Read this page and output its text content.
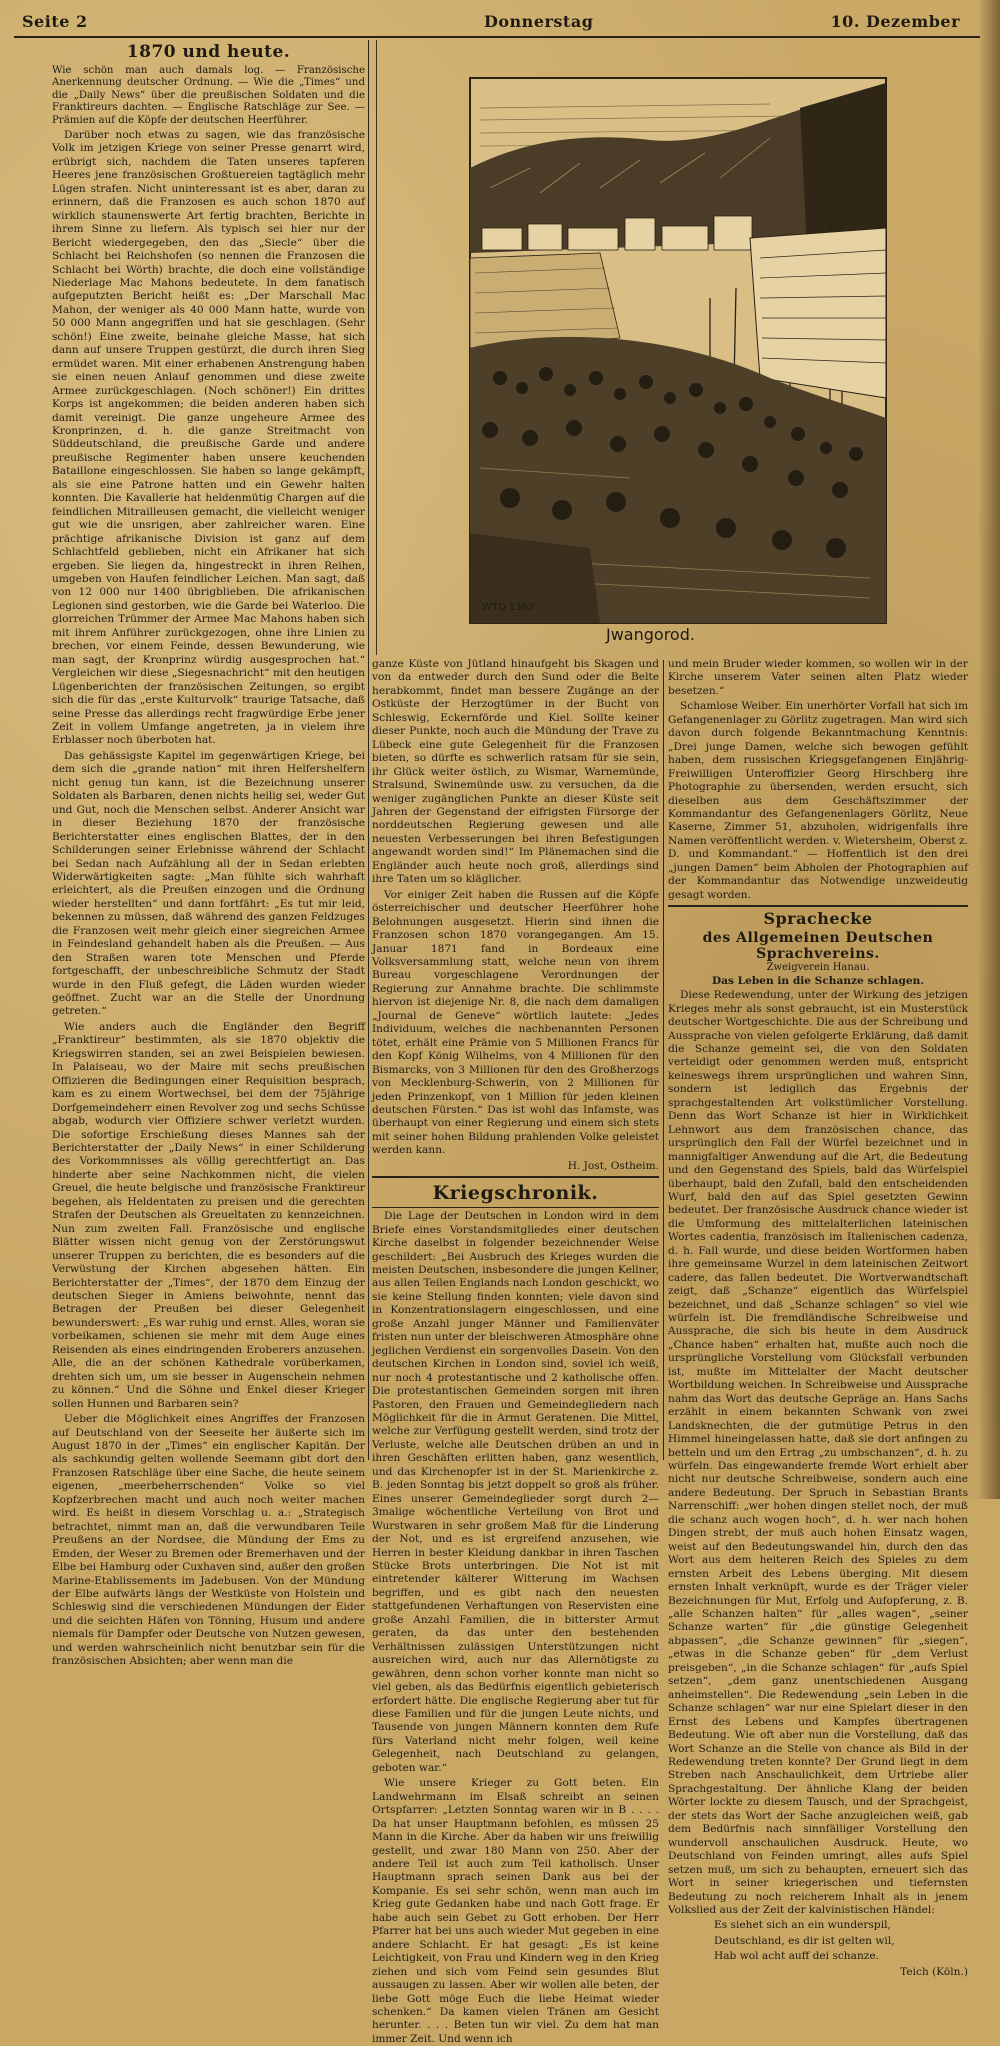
Seite 2	Donnerstag	10. Dezember
1870 und heute.

Wie schön man auch damals log. — Französische Anerkennung deutscher Ordnung. — Wie die „Times“ und die „Daily News“ über die preußischen Soldaten und die Franktireurs dachten. — Englische Ratschläge zur See. — Prämien auf die Köpfe der deutschen Heerführer.

Darüber noch etwas zu sagen, wie das französische Volk im jetzigen Kriege von seiner Presse genarrt wird, erübrigt sich, nachdem die Taten unseres tapferen Heeres jene französischen Großtuereien tagtäglich mehr Lügen strafen. Nicht uninteressant ist es aber, daran zu erinnern, daß die Franzosen es auch schon 1870 auf wirklich staunenswerte Art fertig brachten, Berichte in ihrem Sinne zu liefern. Als typisch sei hier nur der Bericht wiedergegeben, den das „Siecle“ über die Schlacht bei Reichshofen (so nennen die Franzosen die Schlacht bei Wörth) brachte, die doch eine vollständige Niederlage Mac Mahons bedeutete. In dem fanatisch aufgeputzten Bericht heißt es: „Der Marschall Mac Mahon, der weniger als 40 000 Mann hatte, wurde von 50 000 Mann angegriffen und hat sie geschlagen. (Sehr schön!) Eine zweite, beinahe gleiche Masse, hat sich dann auf unsere Truppen gestürzt, die durch ihren Sieg ermüdet waren. Mit einer erhabenen Anstrengung haben sie einen neuen Anlauf genommen und diese zweite Armee zurückgeschlagen. (Noch schöner!) Ein drittes Korps ist angekommen; die beiden anderen haben sich damit vereinigt. Die ganze ungeheure Armee des Kronprinzen, d. h. die ganze Streitmacht von Süddeutschland, die preußische Garde und andere preußische Regimenter haben unsere keuchenden Bataillone eingeschlossen. Sie haben so lange gekämpft, als sie eine Patrone hatten und ein Gewehr halten konnten. Die Kavallerie hat heldenmütig Chargen auf die feindlichen Mitrailleusen gemacht, die vielleicht weniger gut wie die unsrigen, aber zahlreicher waren. Eine prächtige afrikanische Division ist ganz auf dem Schlachtfeld geblieben, nicht ein Afrikaner hat sich ergeben. Sie liegen da, hingestreckt in ihren Reihen, umgeben von Haufen feindlicher Leichen. Man sagt, daß von 12 000 nur 1400 übrigblieben. Die afrikanischen Legionen sind gestorben, wie die Garde bei Waterloo. Die glorreichen Trümmer der Armee Mac Mahons haben sich mit ihrem Anführer zurückgezogen, ohne ihre Linien zu brechen, vor einem Feinde, dessen Bewunderung, wie man sagt, der Kronprinz würdig ausgesprochen hat.“ Vergleichen wir diese „Siegesnachricht“ mit den heutigen Lügenberichten der französischen Zeitungen, so ergibt sich die für das „erste Kulturvolk“ traurige Tatsache, daß seine Presse das allerdings recht fragwürdige Erbe jener Zeit in vollem Umfange angetreten, ja in vielem ihre Erblasser noch überboten hat.

Das gehässigste Kapitel im gegenwärtigen Kriege, bei dem sich die „grande nation“ mit ihren Helfershelfern nicht genug tun kann, ist die Bezeichnung unserer Soldaten als Barbaren, denen nichts heilig sei, weder Gut und Gut, noch die Menschen selbst. Anderer Ansicht war in dieser Beziehung 1870 der französische Berichterstatter eines englischen Blattes, der in den Schilderungen seiner Erlebnisse während der Schlacht bei Sedan nach Aufzählung all der in Sedan erlebten Widerwärtigkeiten sagte: „Man fühlte sich wahrhaft erleichtert, als die Preußen einzogen und die Ordnung wieder herstellten“ und dann fortfährt: „Es tut mir leid, bekennen zu müssen, daß während des ganzen Feldzuges die Franzosen weit mehr gleich einer siegreichen Armee in Feindesland gehandelt haben als die Preußen. — Aus den Straßen waren tote Menschen und Pferde fortgeschafft, der unbeschreibliche Schmutz der Stadt wurde in den Fluß gefegt, die Läden wurden wieder geöffnet. Zucht war an die Stelle der Unordnung getreten.“

Wie anders auch die Engländer den Begriff „Franktireur“ bestimmten, als sie 1870 objektiv die Kriegswirren standen, sei an zwei Beispielen bewiesen. In Palaiseau, wo der Maire mit sechs preußischen Offizieren die Bedingungen einer Requisition besprach, kam es zu einem Wortwechsel, bei dem der 75jährige Dorfgemeindeherr einen Revolver zog und sechs Schüsse abgab, wodurch vier Offiziere schwer verletzt wurden. Die sofortige Erschießung dieses Mannes sah der Berichterstatter der „Daily News“ in einer Schilderung des Vorkommnisses als völlig gerechtfertigt an. Das hinderte aber seine Nachkommen nicht, die vielen Greuel, die heute belgische und französische Franktireur begehen, als Heldentaten zu preisen und die gerechten Strafen der Deutschen als Greueltaten zu kennzeichnen. Nun zum zweiten Fall. Französische und englische Blätter wissen nicht genug von der Zerstörungswut unserer Truppen zu berichten, die es besonders auf die Verwüstung der Kirchen abgesehen hätten. Ein Berichterstatter der „Times“, der 1870 dem Einzug der deutschen Sieger in Amiens beiwohnte, nennt das Betragen der Preußen bei dieser Gelegenheit bewunderswert: „Es war ruhig und ernst. Alles, woran sie vorbeikamen, schienen sie mehr mit dem Auge eines Reisenden als eines eindringenden Eroberers anzusehen. Alle, die an der schönen Kathedrale vorüberkamen, drehten sich um, um sie besser in Augenschein nehmen zu können.“ Und die Söhne und Enkel dieser Krieger sollen Hunnen und Barbaren sein?

Ueber die Möglichkeit eines Angriffes der Franzosen auf Deutschland von der Seeseite her äußerte sich im August 1870 in der „Times“ ein englischer Kapitän. Der als sachkundig gelten wollende Seemann gibt dort den Franzosen Ratschläge über eine Sache, die heute seinem eigenen, „meerbeherrschenden“ Volke so viel Kopfzerbrechen macht und auch noch weiter machen wird. Es heißt in diesem Vorschlag u. a.: „Strategisch betrachtet, nimmt man an, daß die verwundbaren Teile Preußens an der Nordsee, die Mündung der Ems zu Emden, der Weser zu Bremen oder Bremerhaven und der Elbe bei Hamburg oder Cuxhaven sind, außer den großen Marine-Etablissements im Jadebusen. Von der Mündung der Elbe aufwärts längs der Westküste von Holstein und Schleswig sind die verschiedenen Mündungen der Eider und die seichten Häfen von Tönning, Husum und andere niemals für Dampfer oder Deutsche von Nutzen gewesen, und werden wahrscheinlich nicht benutzbar sein für die französischen Absichten; aber wenn man die

WTD 1362
Jwangorod.

ganze Küste von Jütland hinaufgeht bis Skagen und von da entweder durch den Sund oder die Belte herabkommt, findet man bessere Zugänge an der Ostküste der Herzogtümer in der Bucht von Schleswig, Eckernförde und Kiel. Sollte keiner dieser Punkte, noch auch die Mündung der Trave zu Lübeck eine gute Gelegenheit für die Franzosen bieten, so dürfte es schwerlich ratsam für sie sein, ihr Glück weiter östlich, zu Wismar, Warnemünde, Stralsund, Swinemünde usw. zu versuchen, da die weniger zugänglichen Punkte an dieser Küste seit Jahren der Gegenstand der eifrigsten Fürsorge der norddeutschen Regierung gewesen und alle neuesten Verbesserungen bei ihren Befestigungen angewandt worden sind!“ Im Plänemachen sind die Engländer auch heute noch groß, allerdings sind ihre Taten um so kläglicher.

Vor einiger Zeit haben die Russen auf die Köpfe österreichischer und deutscher Heerführer hohe Belohnungen ausgesetzt. Hierin sind ihnen die Franzosen schon 1870 vorangegangen. Am 15. Januar 1871 fand in Bordeaux eine Volksversammlung statt, welche neun von ihrem Bureau vorgeschlagene Verordnungen der Regierung zur Annahme brachte. Die schlimmste hiervon ist diejenige Nr. 8, die nach dem damaligen „Journal de Geneve“ wörtlich lautete: „Jedes Individuum, welches die nachbenannten Personen tötet, erhält eine Prämie von 5 Millionen Francs für den Kopf König Wilhelms, von 4 Millionen für den Bismarcks, von 3 Millionen für den des Großherzogs von Mecklenburg-Schwerin, von 2 Millionen für jeden Prinzenkopf, von 1 Million für jeden kleinen deutschen Fürsten.“ Das ist wohl das Infamste, was überhaupt von einer Regierung und einem sich stets mit seiner hohen Bildung prahlenden Volke geleistet werden kann.

H. Jost, Ostheim.

Kriegschronik.

Die Lage der Deutschen in London wird in dem Briefe eines Vorstandsmitgliedes einer deutschen Kirche daselbst in folgender bezeichnender Weise geschildert: „Bei Ausbruch des Krieges wurden die meisten Deutschen, insbesondere die jungen Kellner, aus allen Teilen Englands nach London geschickt, wo sie keine Stellung finden konnten; viele davon sind in Konzentrationslagern eingeschlossen, und eine große Anzahl junger Männer und Familienväter fristen nun unter der bleischweren Atmosphäre ohne jeglichen Verdienst ein sorgenvolles Dasein. Von den deutschen Kirchen in London sind, soviel ich weiß, nur noch 4 protestantische und 2 katholische offen. Die protestantischen Gemeinden sorgen mit ihren Pastoren, den Frauen und Gemeindegliedern nach Möglichkeit für die in Armut Geratenen. Die Mittel, welche zur Verfügung gestellt werden, sind trotz der Verluste, welche alle Deutschen drüben an und in ihren Geschäften erlitten haben, ganz wesentlich, und das Kirchenopfer ist in der St. Marienkirche z. B. jeden Sonntag bis jetzt doppelt so groß als früher. Eines unserer Gemeindeglieder sorgt durch 2—3malige wöchentliche Verteilung von Brot und Wurstwaren in sehr großem Maß für die Linderung der Not, und es ist ergreifend anzusehen, wie Herren in bester Kleidung dankbar in ihren Taschen Stücke Brots unterbringen. Die Not ist mit eintretender kälterer Witterung im Wachsen begriffen, und es gibt nach den neuesten stattgefundenen Verhaftungen von Reservisten eine große Anzahl Familien, die in bitterster Armut geraten, da das unter den bestehenden Verhältnissen zulässigen Unterstützungen nicht ausreichen wird, auch nur das Allernötigste zu gewähren, denn schon vorher konnte man nicht so viel geben, als das Bedürfnis eigentlich gebieterisch erfordert hätte. Die englische Regierung aber tut für diese Familien und für die jungen Leute nichts, und Tausende von jungen Männern konnten dem Rufe fürs Vaterland nicht mehr folgen, weil keine Gelegenheit, nach Deutschland zu gelangen, geboten war.“

Wie unsere Krieger zu Gott beten. Ein Landwehrmann im Elsaß schreibt an seinen Ortspfarrer: „Letzten Sonntag waren wir in B . . . . Da hat unser Hauptmann befohlen, es müssen 25 Mann in die Kirche. Aber da haben wir uns freiwillig gestellt, und zwar 180 Mann von 250. Aber der andere Teil ist auch zum Teil katholisch. Unser Hauptmann sprach seinen Dank aus bei der Kompanie. Es sei sehr schön, wenn man auch im Krieg gute Gedanken habe und nach Gott frage. Er habe auch sein Gebet zu Gott erhoben. Der Herr Pfarrer hat bei uns auch wieder Mut gegeben in eine andere Schlacht. Er hat gesagt: „Es ist keine Leichtigkeit, von Frau und Kindern weg in den Krieg ziehen und sich vom Feind sein gesundes Blut aussaugen zu lassen. Aber wir wollen alle beten, der liebe Gott möge Euch die liebe Heimat wieder schenken.“ Da kamen vielen Tränen am Gesicht herunter. . . . Beten tun wir viel. Zu dem hat man immer Zeit. Und wenn ich

und mein Bruder wieder kommen, so wollen wir in der Kirche unserem Vater seinen alten Platz wieder besetzen.“

Schamlose Weiber. Ein unerhörter Vorfall hat sich im Gefangenenlager zu Görlitz zugetragen. Man wird sich davon durch folgende Bekanntmachung Kenntnis: „Drei junge Damen, welche sich bewogen gefühlt haben, dem russischen Kriegsgefangenen Einjährig-Freiwilligen Unteroffizier Georg Hirschberg ihre Photographie zu übersenden, werden ersucht, sich dieselben aus dem Geschäftszimmer der Kommandantur des Gefangenenlagers Görlitz, Neue Kaserne, Zimmer 51, abzuholen, widrigenfalls ihre Namen veröffentlicht werden. v. Wietersheim, Oberst z. D. und Kommandant.“ — Hoffentlich ist den drei „jungen Damen“ beim Abholen der Photographien auf der Kommandantur das Notwendige unzweideutig gesagt worden.

Sprachecke
des Allgemeinen Deutschen Sprachvereins.
Zweigverein Hanau.
Das Leben in die Schanze schlagen.

Diese Redewendung, unter der Wirkung des jetzigen Krieges mehr als sonst gebraucht, ist ein Musterstück deutscher Wortgeschichte. Die aus der Schreibung und Aussprache von vielen gefolgerte Erklärung, daß damit die Schanze gemeint sei, die von den Soldaten verteidigt oder genommen werden muß, entspricht keineswegs ihrem ursprünglichen und wahren Sinn, sondern ist lediglich das Ergebnis der sprachgestaltenden Art volkstümlicher Vorstellung. Denn das Wort Schanze ist hier in Wirklichkeit Lehnwort aus dem französischen chance, das ursprünglich den Fall der Würfel bezeichnet und in mannigfaltiger Anwendung auf die Art, die Bedeutung und den Gegenstand des Spiels, bald das Würfelspiel überhaupt, bald den Zufall, bald den entscheidenden Wurf, bald den auf das Spiel gesetzten Gewinn bedeutet. Der französische Ausdruck chance wieder ist die Umformung des mittelalterlichen lateinischen Wortes cadentia, französisch im Italienischen cadenza, d. h. Fall wurde, und diese beiden Wortformen haben ihre gemeinsame Wurzel in dem lateinischen Zeitwort cadere, das fallen bedeutet. Die Wortverwandtschaft zeigt, daß „Schanze“ eigentlich das Würfelspiel bezeichnet, und daß „Schanze schlagen“ so viel wie würfeln ist. Die fremdländische Schreibweise und Aussprache, die sich bis heute in dem Ausdruck „Chance haben“ erhalten hat, mußte auch noch die ursprüngliche Vorstellung vom Glücksfall verbunden ist, mußte im Mittelalter der Macht deutscher Wortbildung weichen. In Schreibweise und Aussprache nahm das Wort das deutsche Gepräge an. Hans Sachs erzählt in einem bekannten Schwank von zwei Landsknechten, die der gutmütige Petrus in den Himmel hineingelassen hatte, daß sie dort anfingen zu betteln und um den Ertrag „zu umbschanzen“, d. h. zu würfeln. Das eingewanderte fremde Wort erhielt aber nicht nur deutsche Schreibweise, sondern auch eine andere Bedeutung. Der Spruch in Sebastian Brants Narrenschiff: „wer hohen dingen stellet noch, der muß die schanz auch wogen hoch“, d. h. wer nach hohen Dingen strebt, der muß auch hohen Einsatz wagen, weist auf den Bedeutungswandel hin, durch den das Wort aus dem heiteren Reich des Spieles zu dem ernsten Arbeit des Lebens überging. Mit diesem ernsten Inhalt verknüpft, wurde es der Träger vieler Bezeichnungen für Mut, Erfolg und Aufopferung, z. B. „alle Schanzen halten“ für „alles wagen“, „seiner Schanze warten“ für „die günstige Gelegenheit abpassen“, „die Schanze gewinnen“ für „siegen“, „etwas in die Schanze geben“ für „dem Verlust preisgeben“, „in die Schanze schlagen“ für „aufs Spiel setzen“, „dem ganz unentschiedenen Ausgang anheimstellen“. Die Redewendung „sein Leben in die Schanze schlagen“ war nur eine Spielart dieser in den Ernst des Lebens und Kampfes übertragenen Bedeutung. Wie oft aber nun die Vorstellung, daß das Wort Schanze an die Stelle von chance als Bild in der Redewendung treten konnte? Der Grund liegt in dem Streben nach Anschaulichkeit, dem Urtriebe aller Sprachgestaltung. Der ähnliche Klang der beiden Wörter lockte zu diesem Tausch, und der Sprachgeist, der stets das Wort der Sache anzugleichen weiß, gab dem Bedürfnis nach sinnfälliger Vorstellung den wundervoll anschaulichen Ausdruck. Heute, wo Deutschland von Feinden umringt, alles aufs Spiel setzen muß, um sich zu behaupten, erneuert sich das Wort in seiner kriegerischen und tiefernsten Bedeutung zu noch reicherem Inhalt als in jenem Volkslied aus der Zeit der kalvinistischen Händel:

Es siehet sich an ein wunderspil,

Deutschland, es dir ist gelten wil,

Hab wol acht auff dei schanze.

Teich (Köln.)
